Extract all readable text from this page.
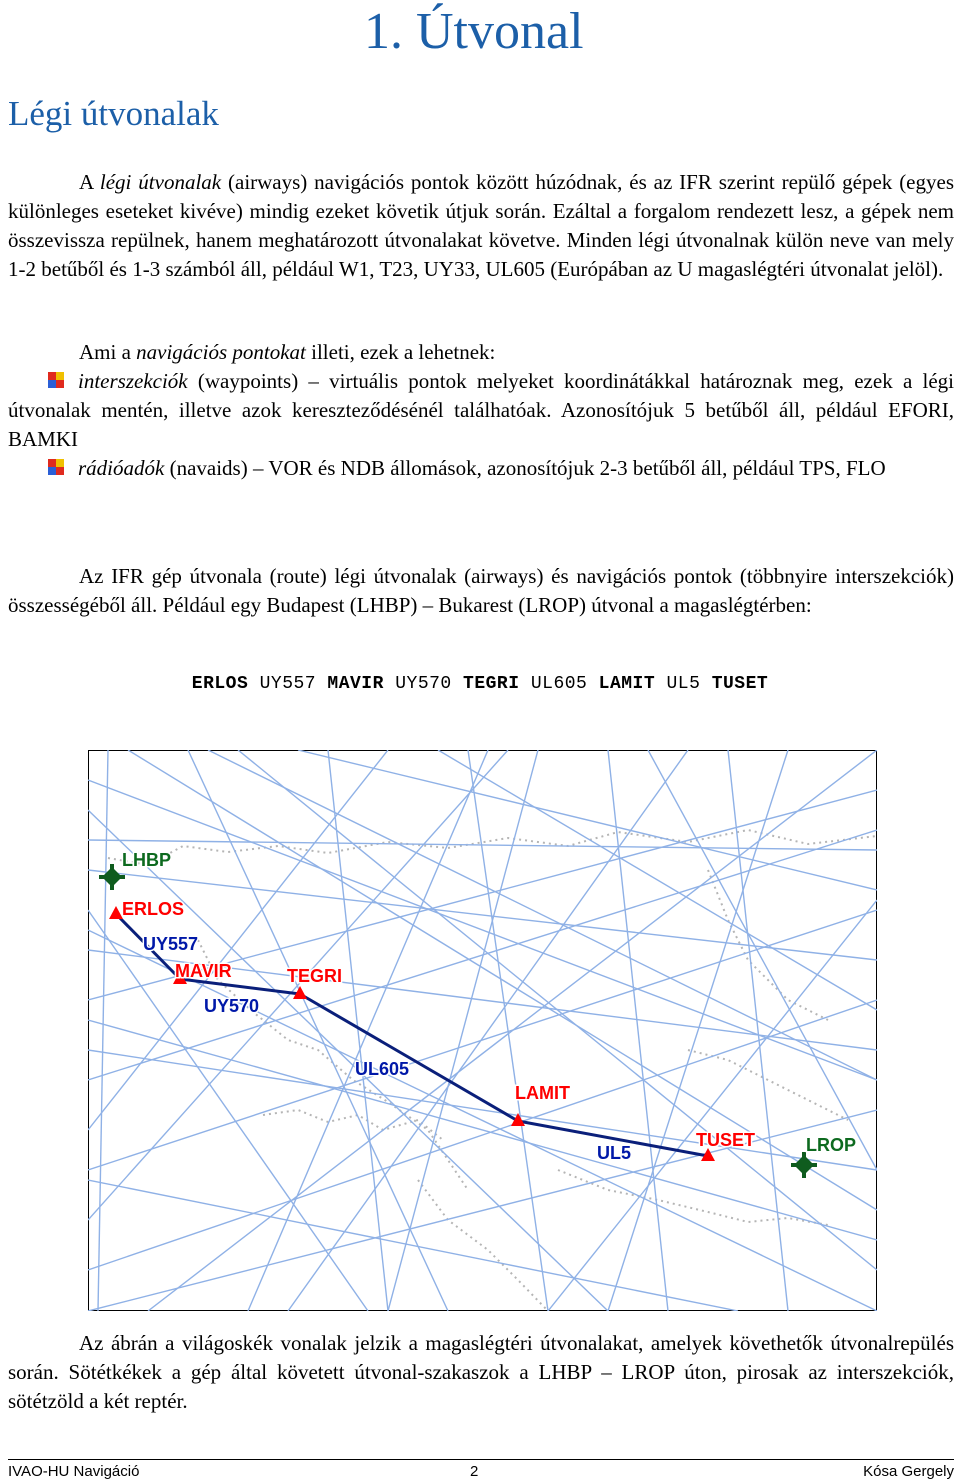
1. Útvonal
Légi útvonalak

A légi útvonalak (airways) navigációs pontok között húzódnak, és az IFR szerint repülő gépek (egyes különleges eseteket kivéve) mindig ezeket követik útjuk során. Ezáltal a forgalom rendezett lesz, a gépek nem összevissza repülnek, hanem meghatározott útvonalakat követve. Minden légi útvonalnak külön neve van mely 1-2 betűből és 1-3 számból áll, például W1, T23, UY33, UL605 (Európában az U magaslégtéri útvonalat jelöl).

Ami a navigációs pontokat illeti, ezek a lehetnek:

interszekciók (waypoints) – virtuális pontok melyeket koordinátákkal határoznak meg, ezek a légi útvonalak mentén, illetve azok kereszteződésénél találhatóak. Azonosítójuk 5 betűből áll, például EFORI, BAMKI
rádióadók (navaids) – VOR és NDB állomások, azonosítójuk 2-3 betűből áll, például TPS, FLO

Az IFR gép útvonala (route) légi útvonalak (airways) és navigációs pontok (többnyire interszekciók) összességéből áll. Például egy Budapest (LHBP) – Bukarest (LROP) útvonal a magaslégtérben:

ERLOS UY557 MAVIR UY570 TEGRI UL605 LAMIT UL5 TUSET
LHBP
LROP
ERLOS
MAVIR	TEGRI
LAMIT
TUSET
UY557
UY570
UL605
UL5

Az ábrán a világoskék vonalak jelzik a magaslégtéri útvonalakat, amelyek követhetők útvonalrepülés során. Sötétkékek a gép által követett útvonal-szakaszok a LHBP – LROP úton, pirosak az interszekciók, sötétzöld a két reptér.

IVAO-HU Navigáció	2	Kósa Gergely
